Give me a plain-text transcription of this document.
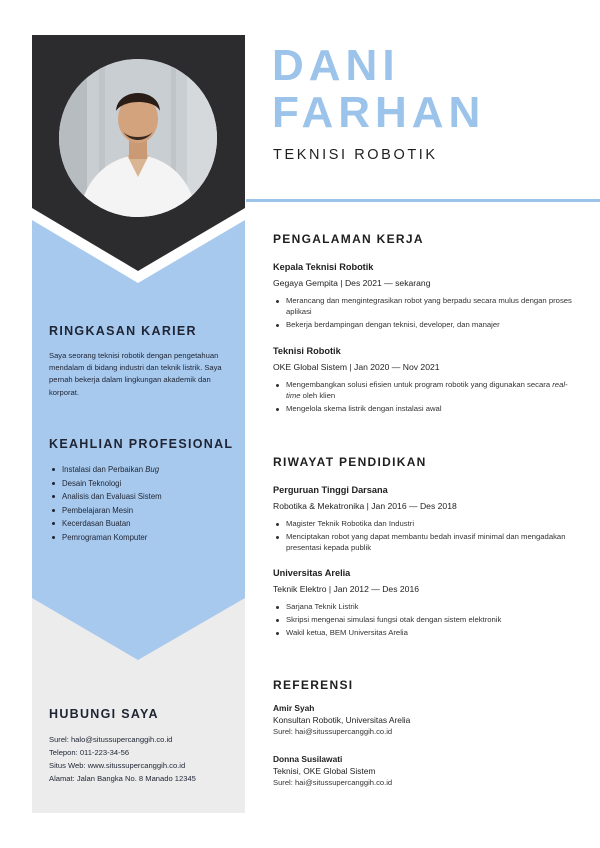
RINGKASAN KARIER

Saya seorang teknisi robotik dengan pengetahuan mendalam di bidang industri dan teknik listrik. Saya pernah bekerja dalam lingkungan akademik dan korporat.

KEAHLIAN PROFESIONAL
Instalasi dan Perbaikan Bug
Desain Teknologi
Analisis dan Evaluasi Sistem
Pembelajaran Mesin
Kecerdasan Buatan
Pemrograman Komputer
HUBUNGI SAYA
Surel: halo@situssupercanggih.co.id
Telepon: 011-223-34-56
Situs Web: www.situssupercanggih.co.id
Alamat: Jalan Bangka No. 8 Manado 12345
DANI
FARHAN
TEKNISI ROBOTIK
PENGALAMAN KERJA
Kepala Teknisi Robotik
Gegaya Gempita | Des 2021 — sekarang
Merancang dan mengintegrasikan robot yang berpadu secara mulus dengan proses aplikasi
Bekerja berdampingan dengan teknisi, developer, dan manajer
Teknisi Robotik
OKE Global Sistem | Jan 2020 — Nov 2021
Mengembangkan solusi efisien untuk program robotik yang digunakan secara real-time oleh klien
Mengelola skema listrik dengan instalasi awal
RIWAYAT PENDIDIKAN
Perguruan Tinggi Darsana
Robotika & Mekatronika | Jan 2016 — Des 2018
Magister Teknik Robotika dan Industri
Menciptakan robot yang dapat membantu bedah invasif minimal dan mengadakan presentasi kepada publik
Universitas Arelia
Teknik Elektro | Jan 2012 — Des 2016
Sarjana Teknik Listrik
Skripsi mengenai simulasi fungsi otak dengan sistem elektronik
Wakil ketua, BEM Universitas Arelia
REFERENSI
Amir Syah
Konsultan Robotik, Universitas Arelia
Surel: hai@situssupercanggih.co.id
Donna Susilawati
Teknisi, OKE Global Sistem
Surel: hai@situssupercanggih.co.id
